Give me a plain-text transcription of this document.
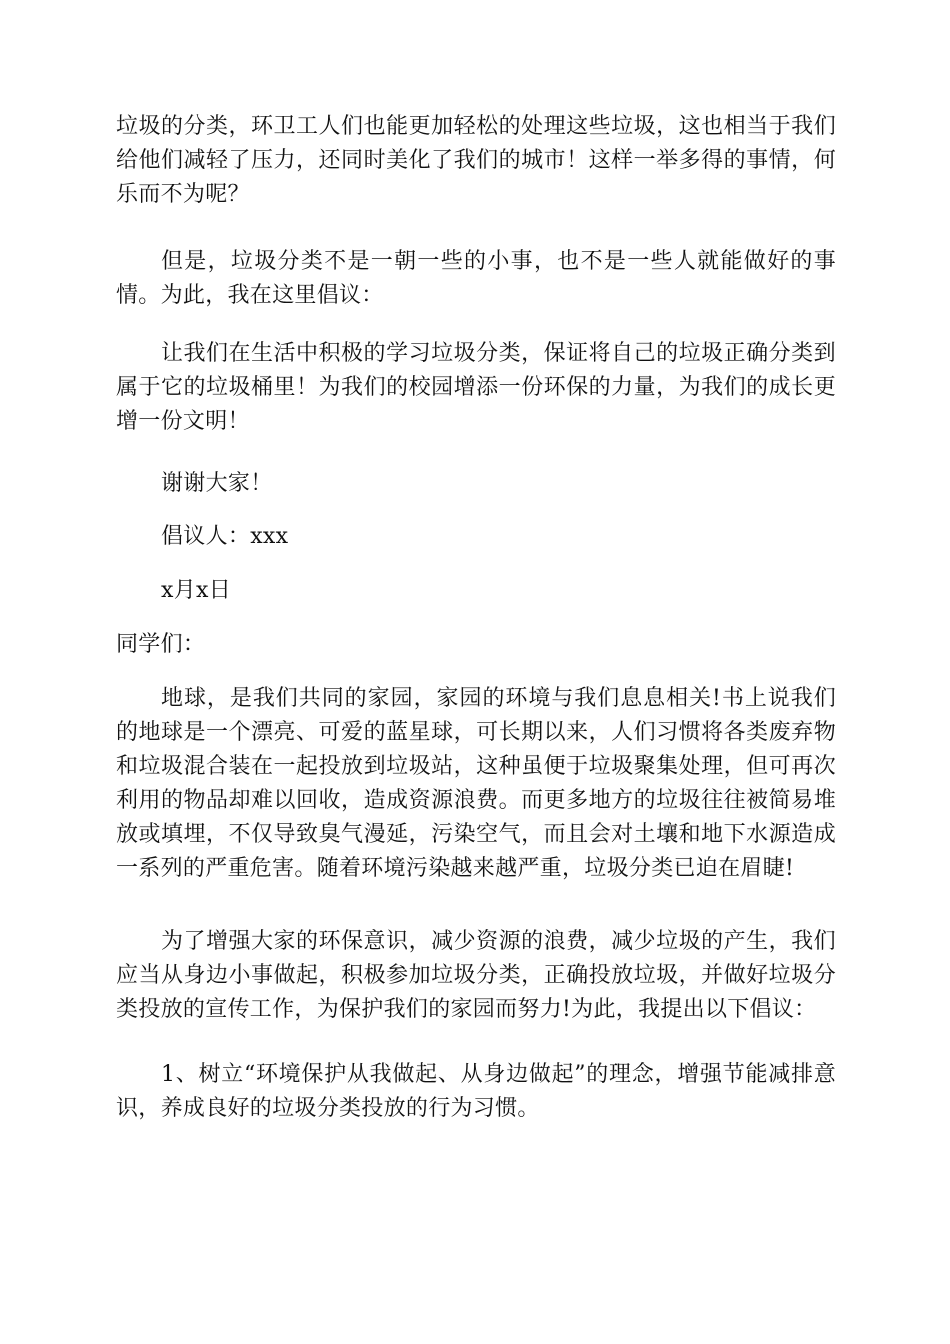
垃圾的分类，环卫工人们也能更加轻松的处理这些垃圾，这也相当于我们给他们减轻了压力，还同时美化了我们的城市！这样一举多得的事情，何乐而不为呢？

但是，垃圾分类不是一朝一些的小事，也不是一些人就能做好的事情。为此，我在这里倡议：

让我们在生活中积极的学习垃圾分类，保证将自己的垃圾正确分类到属于它的垃圾桶里！为我们的校园增添一份环保的力量，为我们的成长更增一份文明！

谢谢大家！

倡议人：xxx

x月x日

同学们：

地球，是我们共同的家园，家园的环境与我们息息相关!书上说我们的地球是一个漂亮、可爱的蓝星球，可长期以来，人们习惯将各类废弃物和垃圾混合装在一起投放到垃圾站，这种虽便于垃圾聚集处理，但可再次利用的物品却难以回收，造成资源浪费。而更多地方的垃圾往往被简易堆放或填埋，不仅导致臭气漫延，污染空气，而且会对土壤和地下水源造成一系列的严重危害。随着环境污染越来越严重，垃圾分类已迫在眉睫!

为了增强大家的环保意识，减少资源的浪费，减少垃圾的产生，我们应当从身边小事做起，积极参加垃圾分类，正确投放垃圾，并做好垃圾分类投放的宣传工作，为保护我们的家园而努力!为此，我提出以下倡议：

1、树立“环境保护从我做起、从身边做起”的理念，增强节能减排意识，养成良好的垃圾分类投放的行为习惯。
